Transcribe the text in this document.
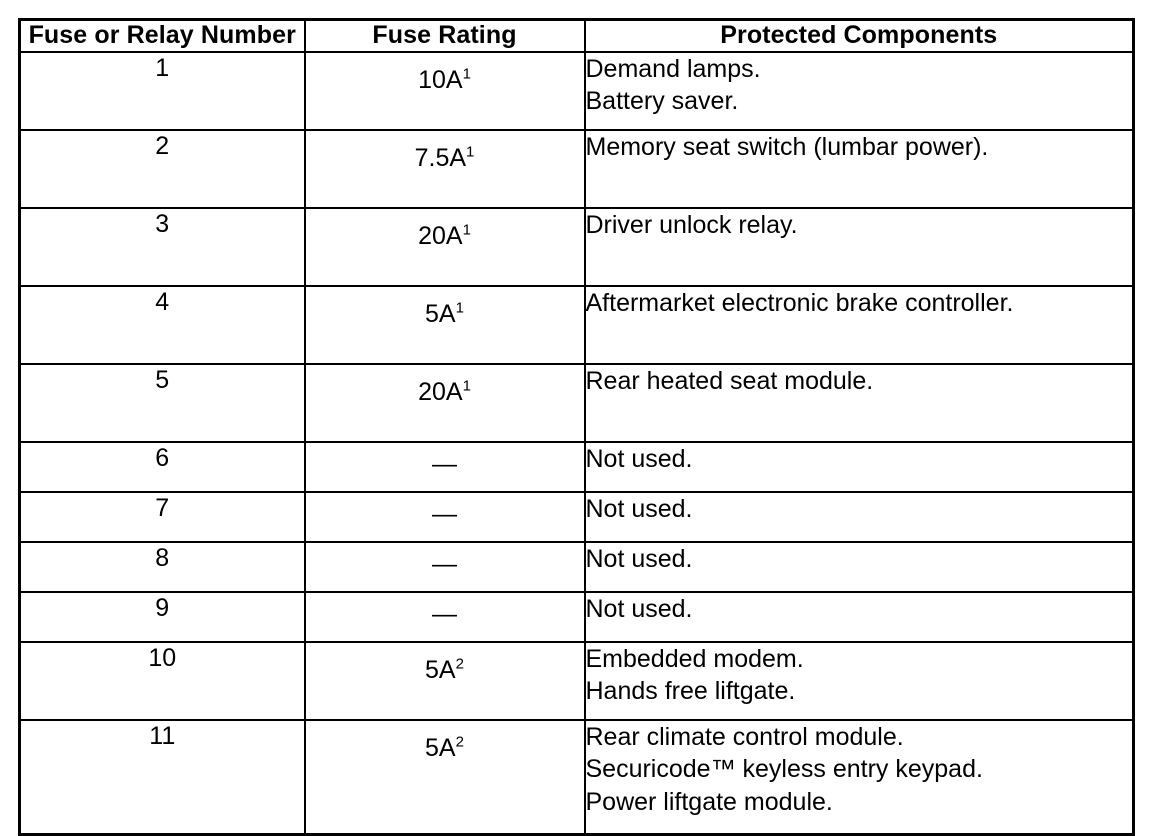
Fuse or Relay Number	Fuse Rating	Protected Components
1	$10A^1$	Demand lamps.
Battery saver.

2	$7.5A^1$	Memory seat switch (lumbar power).

3	$20A^1$	Driver unlock relay.

4	$5A^1$	Aftermarket electronic brake controller.

5	$20A^1$	Rear heated seat module.

6	—	Not used.

7	—	Not used.

8	—	Not used.

9	—	Not used.

10	$5A^2$	Embedded modem.
Hands free liftgate.

11	$5A^2$	Rear climate control module.
Securicode™ keyless entry keypad.
Power liftgate module.
